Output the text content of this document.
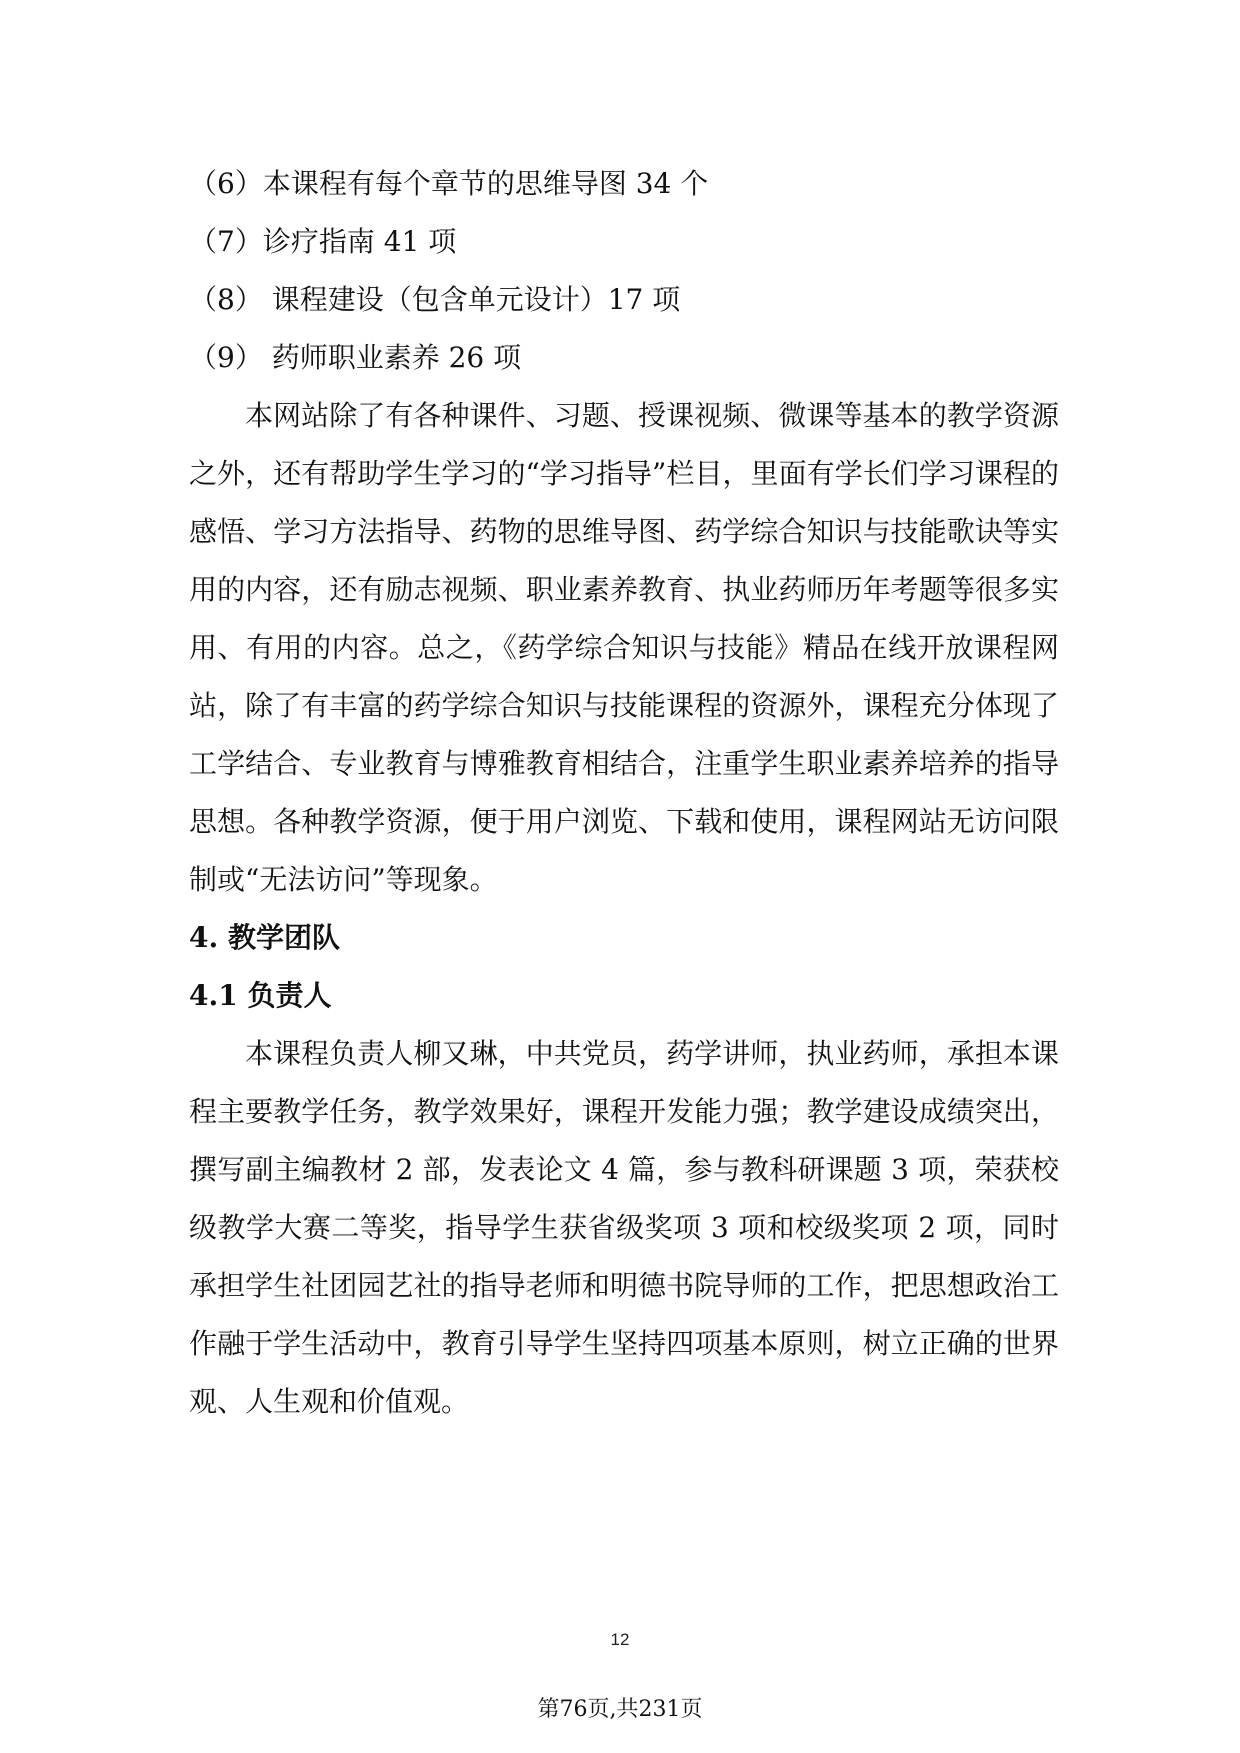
（6）本课程有每个章节的思维导图 34 个

（7）诊疗指南 41 项

（8） 课程建设（包含单元设计）17 项

（9） 药师职业素养 26 项

本网站除了有各种课件、习题、授课视频、微课等基本的教学资源之外，还有帮助学生学习的“学习指导”栏目，里面有学长们学习课程的感悟、学习方法指导、药物的思维导图、药学综合知识与技能歌诀等实用的内容，还有励志视频、职业素养教育、执业药师历年考题等很多实用、有用的内容。总之，《药学综合知识与技能》精品在线开放课程网站，除了有丰富的药学综合知识与技能课程的资源外，课程充分体现了工学结合、专业教育与博雅教育相结合，注重学生职业素养培养的指导思想。各种教学资源，便于用户浏览、下载和使用，课程网站无访问限制或“无法访问”等现象。

4. 教学团队
4.1 负责人

本课程负责人柳又琳，中共党员，药学讲师，执业药师，承担本课程主要教学任务，教学效果好，课程开发能力强；教学建设成绩突出，撰写副主编教材 2 部，发表论文 4 篇，参与教科研课题 3 项，荣获校级教学大赛二等奖，指导学生获省级奖项 3 项和校级奖项 2 项，同时承担学生社团园艺社的指导老师和明德书院导师的工作，把思想政治工作融于学生活动中，教育引导学生坚持四项基本原则，树立正确的世界观、人生观和价值观。

12
第76页,共231页
